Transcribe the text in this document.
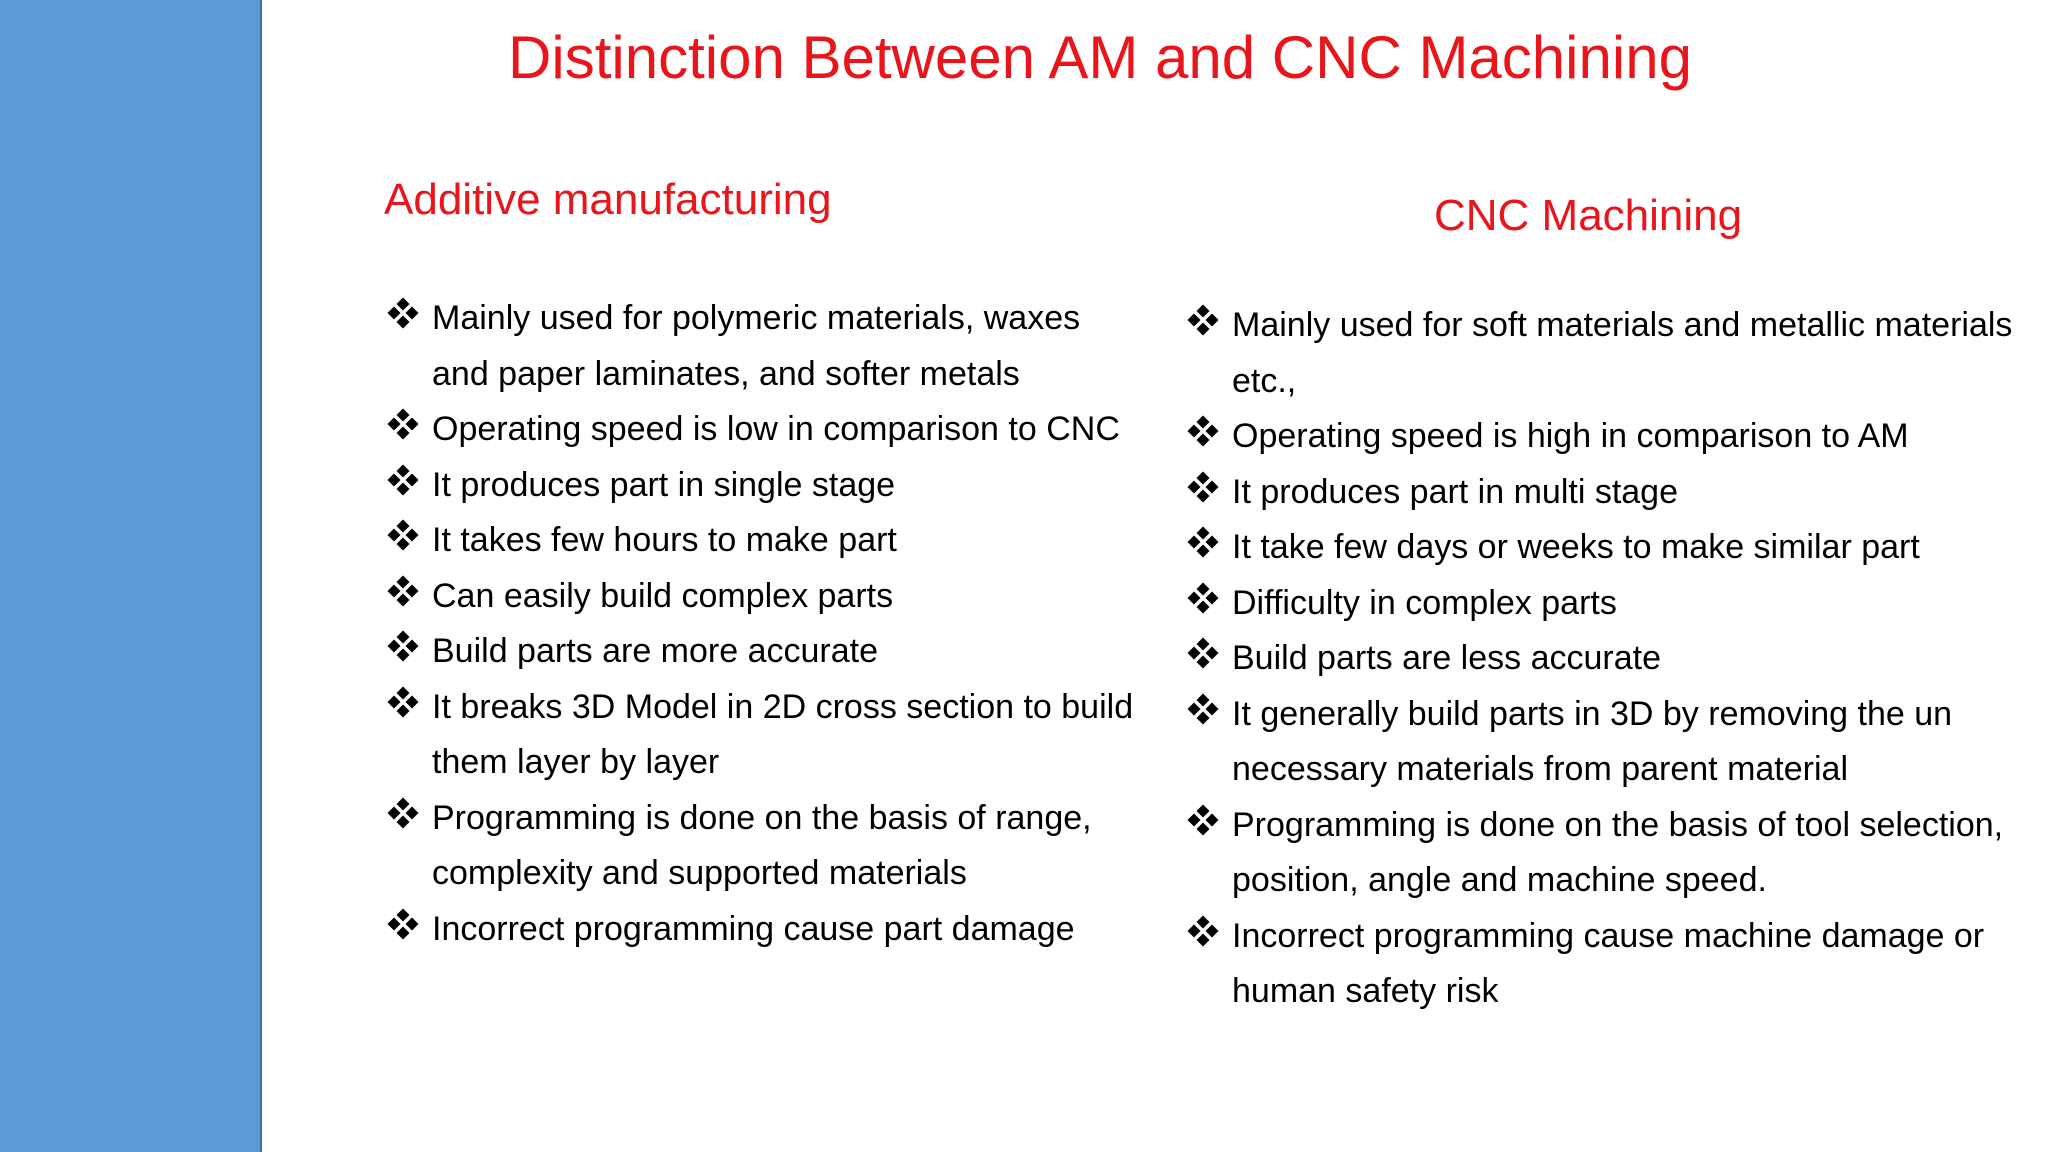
Distinction Between AM and CNC Machining
Additive manufacturing	CNC Machining
Mainly used for polymeric materials, waxes and paper laminates, and softer metals
Operating speed is low in comparison to CNC
It produces part in single stage
It takes few hours to make part
Can easily build complex parts
Build parts are more accurate
It breaks 3D Model in 2D cross section to build them layer by layer
Programming is done on the basis of range, complexity and supported materials
Incorrect programming cause part damage
Mainly used for soft materials and metallic materials etc.,
Operating speed is high in comparison to AM
It produces part in multi stage
It take few days or weeks to make similar part
Difficulty in complex parts
Build parts are less accurate
It generally build parts in 3D by removing the un necessary materials from parent material
Programming is done on the basis of tool selection, position, angle and machine speed.
Incorrect programming cause machine damage or human safety risk
